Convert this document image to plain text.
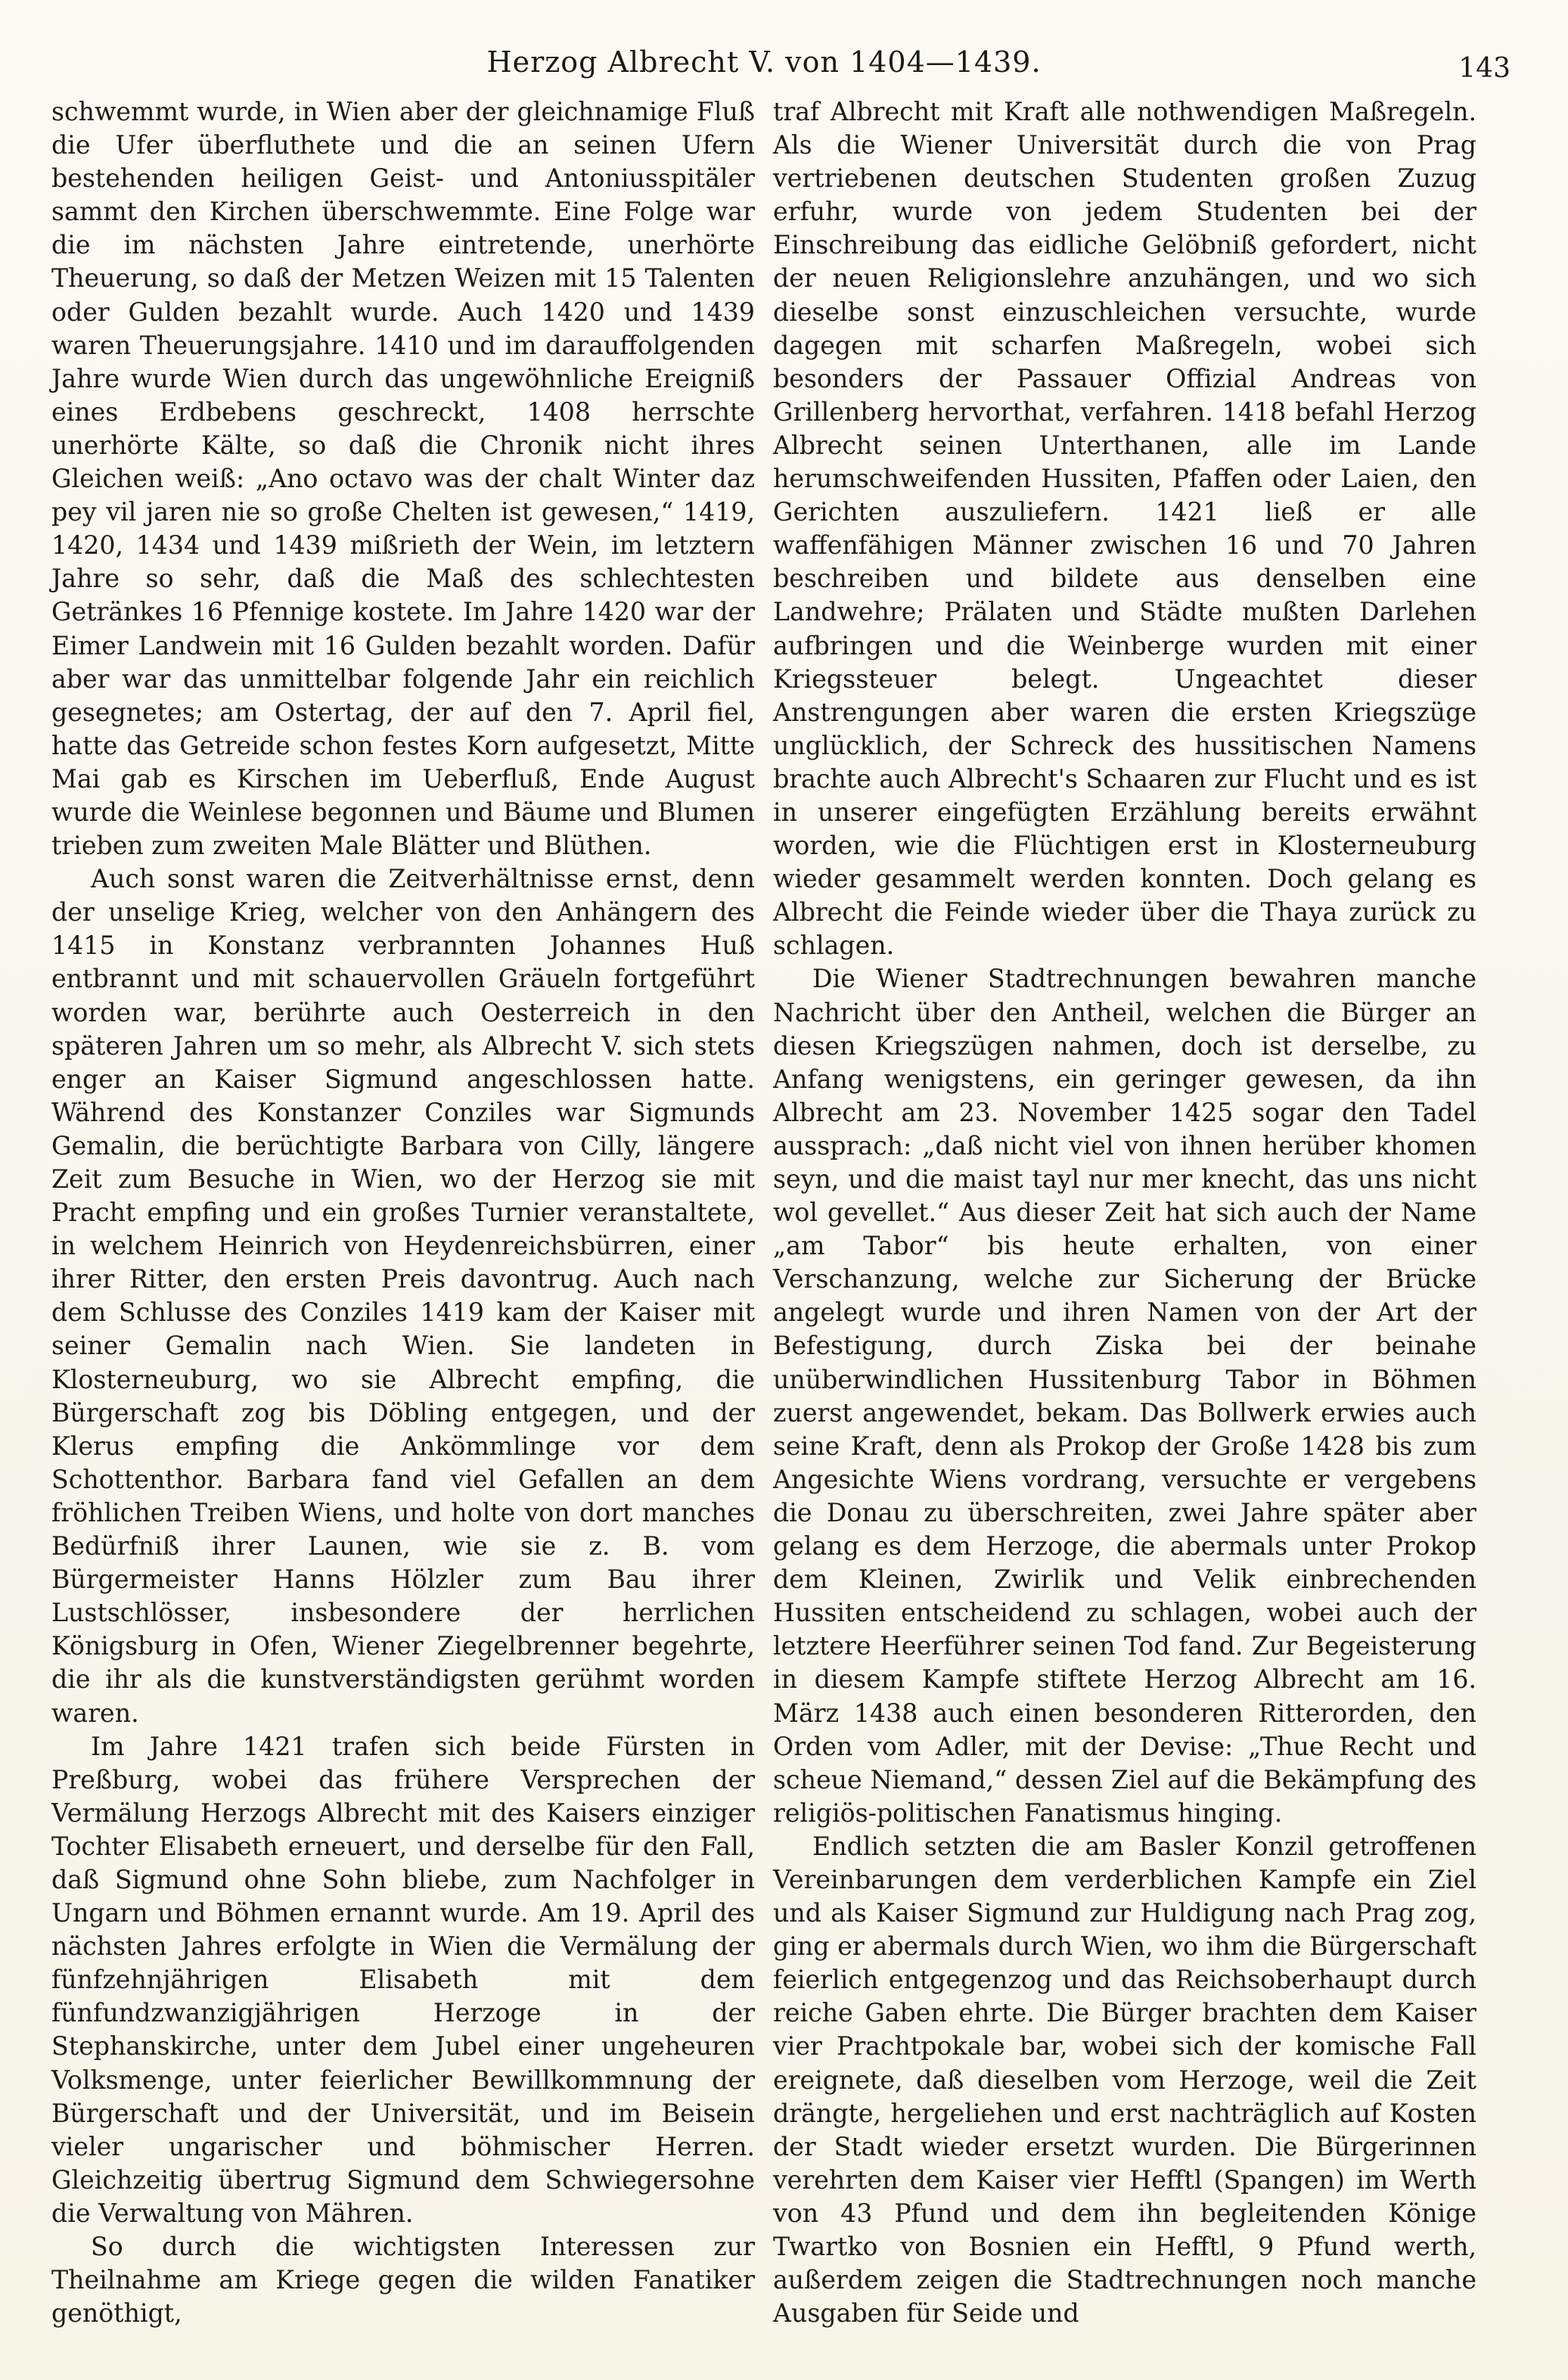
Herzog Albrecht V. von 1404—1439.	143

schwemmt wurde, in Wien aber der gleichnamige Fluß die Ufer überfluthete und die an seinen Ufern bestehenden heiligen Geist- und Antoniusspitäler sammt den Kirchen überschwemmte. Eine Folge war die im nächsten Jahre eintretende, unerhörte Theuerung, so daß der Metzen Weizen mit 15 Talenten oder Gulden bezahlt wurde. Auch 1420 und 1439 waren Theuerungsjahre. 1410 und im darauffolgenden Jahre wurde Wien durch das ungewöhnliche Ereigniß eines Erdbebens geschreckt, 1408 herrschte unerhörte Kälte, so daß die Chronik nicht ihres Gleichen weiß: „Ano octavo was der chalt Winter daz pey vil jaren nie so große Chelten ist gewesen,“ 1419, 1420, 1434 und 1439 mißrieth der Wein, im letztern Jahre so sehr, daß die Maß des schlechtesten Getränkes 16 Pfennige kostete. Im Jahre 1420 war der Eimer Landwein mit 16 Gulden bezahlt worden. Dafür aber war das unmittelbar folgende Jahr ein reichlich gesegnetes; am Ostertag, der auf den 7. April fiel, hatte das Getreide schon festes Korn aufgesetzt, Mitte Mai gab es Kirschen im Ueberfluß, Ende August wurde die Weinlese begonnen und Bäume und Blumen trieben zum zweiten Male Blätter und Blüthen.

Auch sonst waren die Zeitverhältnisse ernst, denn der unselige Krieg, welcher von den Anhängern des 1415 in Konstanz verbrannten Johannes Huß entbrannt und mit schauervollen Gräueln fortgeführt worden war, berührte auch Oesterreich in den späteren Jahren um so mehr, als Albrecht V. sich stets enger an Kaiser Sigmund angeschlossen hatte. Während des Konstanzer Conziles war Sigmunds Gemalin, die berüchtigte Barbara von Cilly, längere Zeit zum Besuche in Wien, wo der Herzog sie mit Pracht empfing und ein großes Turnier veranstaltete, in welchem Heinrich von Heydenreichsbürren, einer ihrer Ritter, den ersten Preis davontrug. Auch nach dem Schlusse des Conziles 1419 kam der Kaiser mit seiner Gemalin nach Wien. Sie landeten in Klosterneuburg, wo sie Albrecht empfing, die Bürgerschaft zog bis Döbling entgegen, und der Klerus empfing die Ankömmlinge vor dem Schottenthor. Barbara fand viel Gefallen an dem fröhlichen Treiben Wiens, und holte von dort manches Bedürfniß ihrer Launen, wie sie z. B. vom Bürgermeister Hanns Hölzler zum Bau ihrer Lustschlösser, insbesondere der herrlichen Königsburg in Ofen, Wiener Ziegelbrenner begehrte, die ihr als die kunstverständigsten gerühmt worden waren.

Im Jahre 1421 trafen sich beide Fürsten in Preßburg, wobei das frühere Versprechen der Vermälung Herzogs Albrecht mit des Kaisers einziger Tochter Elisabeth erneuert, und derselbe für den Fall, daß Sigmund ohne Sohn bliebe, zum Nachfolger in Ungarn und Böhmen ernannt wurde. Am 19. April des nächsten Jahres erfolgte in Wien die Vermälung der fünfzehnjährigen Elisabeth mit dem fünfundzwanzigjährigen Herzoge in der Stephanskirche, unter dem Jubel einer ungeheuren Volksmenge, unter feierlicher Bewillkommnung der Bürgerschaft und der Universität, und im Beisein vieler ungarischer und böhmischer Herren. Gleichzeitig übertrug Sigmund dem Schwiegersohne die Verwaltung von Mähren.

So durch die wichtigsten Interessen zur Theilnahme am Kriege gegen die wilden Fanatiker genöthigt,

traf Albrecht mit Kraft alle nothwendigen Maßregeln. Als die Wiener Universität durch die von Prag vertriebenen deutschen Studenten großen Zuzug erfuhr, wurde von jedem Studenten bei der Einschreibung das eidliche Gelöbniß gefordert, nicht der neuen Religionslehre anzuhängen, und wo sich dieselbe sonst einzuschleichen versuchte, wurde dagegen mit scharfen Maßregeln, wobei sich besonders der Passauer Offizial Andreas von Grillenberg hervorthat, verfahren. 1418 befahl Herzog Albrecht seinen Unterthanen, alle im Lande herumschweifenden Hussiten, Pfaffen oder Laien, den Gerichten auszuliefern. 1421 ließ er alle waffenfähigen Männer zwischen 16 und 70 Jahren beschreiben und bildete aus denselben eine Landwehre; Prälaten und Städte mußten Darlehen aufbringen und die Weinberge wurden mit einer Kriegssteuer belegt. Ungeachtet dieser Anstrengungen aber waren die ersten Kriegszüge unglücklich, der Schreck des hussitischen Namens brachte auch Albrecht's Schaaren zur Flucht und es ist in unserer eingefügten Erzählung bereits erwähnt worden, wie die Flüchtigen erst in Klosterneuburg wieder gesammelt werden konnten. Doch gelang es Albrecht die Feinde wieder über die Thaya zurück zu schlagen.

Die Wiener Stadtrechnungen bewahren manche Nachricht über den Antheil, welchen die Bürger an diesen Kriegszügen nahmen, doch ist derselbe, zu Anfang wenigstens, ein geringer gewesen, da ihn Albrecht am 23. November 1425 sogar den Tadel aussprach: „daß nicht viel von ihnen herüber khomen seyn, und die maist tayl nur mer knecht, das uns nicht wol gevellet.“ Aus dieser Zeit hat sich auch der Name „am Tabor“ bis heute erhalten, von einer Verschanzung, welche zur Sicherung der Brücke angelegt wurde und ihren Namen von der Art der Befestigung, durch Ziska bei der beinahe unüberwindlichen Hussitenburg Tabor in Böhmen zuerst angewendet, bekam. Das Bollwerk erwies auch seine Kraft, denn als Prokop der Große 1428 bis zum Angesichte Wiens vordrang, versuchte er vergebens die Donau zu überschreiten, zwei Jahre später aber gelang es dem Herzoge, die abermals unter Prokop dem Kleinen, Zwirlik und Velik einbrechenden Hussiten entscheidend zu schlagen, wobei auch der letztere Heerführer seinen Tod fand. Zur Begeisterung in diesem Kampfe stiftete Herzog Albrecht am 16. März 1438 auch einen besonderen Ritterorden, den Orden vom Adler, mit der Devise: „Thue Recht und scheue Niemand,“ dessen Ziel auf die Bekämpfung des religiös-politischen Fanatismus hinging.

Endlich setzten die am Basler Konzil getroffenen Vereinbarungen dem verderblichen Kampfe ein Ziel und als Kaiser Sigmund zur Huldigung nach Prag zog, ging er abermals durch Wien, wo ihm die Bürgerschaft feierlich entgegenzog und das Reichsoberhaupt durch reiche Gaben ehrte. Die Bürger brachten dem Kaiser vier Prachtpokale bar, wobei sich der komische Fall ereignete, daß dieselben vom Herzoge, weil die Zeit drängte, hergeliehen und erst nachträglich auf Kosten der Stadt wieder ersetzt wurden. Die Bürgerinnen verehrten dem Kaiser vier Hefftl (Spangen) im Werth von 43 Pfund und dem ihn begleitenden Könige Twartko von Bosnien ein Hefftl, 9 Pfund werth, außerdem zeigen die Stadtrechnungen noch manche Ausgaben für Seide und
